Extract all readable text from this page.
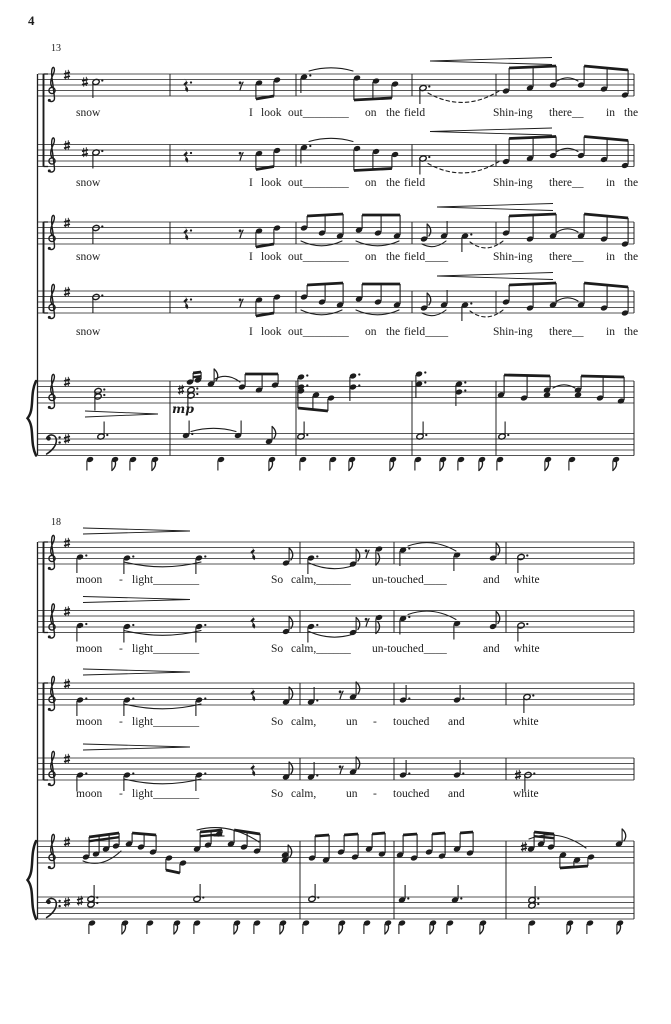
4
13
18
mp
snow	I look out________ on the field	Shin-ing there__ in the
snow	I look out________ on the field	Shin-ing there__ in the
snow	I look out________ on the field____	Shin-ing there__ in the
snow	I look out________ on the field____	Shin-ing there__ in the
moon - light________	So calm,______ un-touched____	and white
moon - light________	So calm,______ un-touched____	and white
moon - light________	So calm,	un - touched and	white
moon - light________	So calm,	un - touched and	white
